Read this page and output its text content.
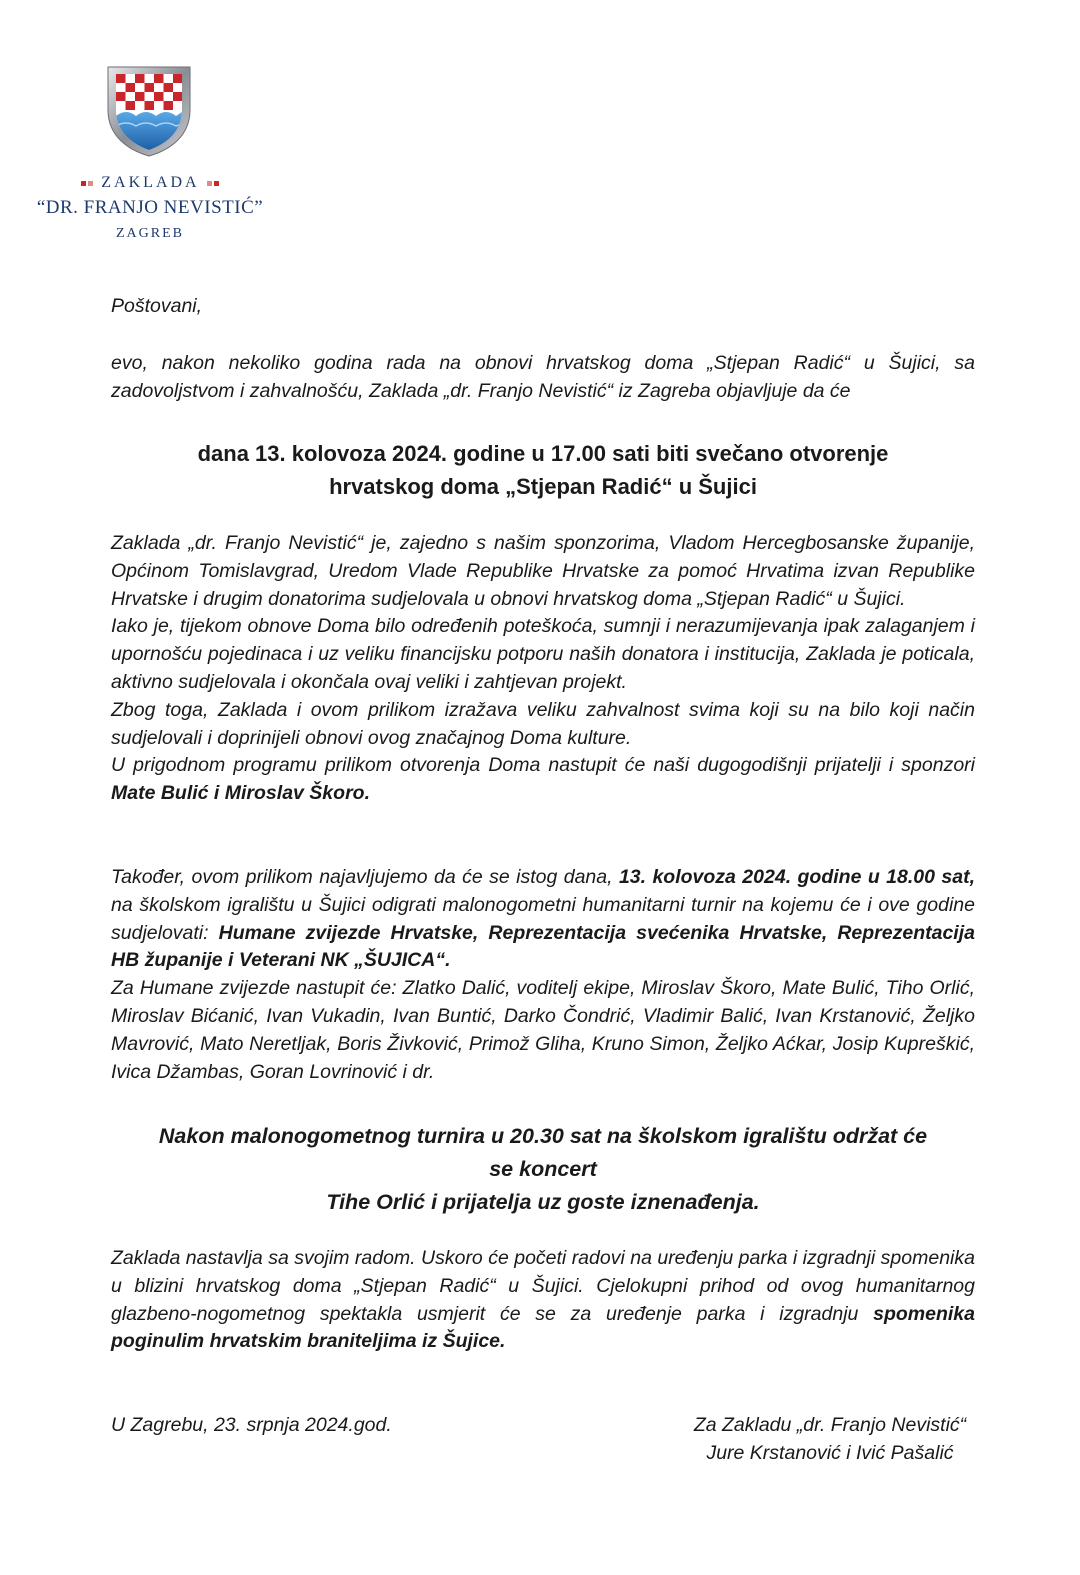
ZAKLADA
“DR. FRANJO NEVISTIĆ”
ZAGREB

Poštovani,

evo, nakon nekoliko godina rada na obnovi hrvatskog doma „Stjepan Radić“ u Šujici, sa zadovoljstvom i zahvalnošću, Zaklada „dr. Franjo Nevistić“ iz Zagreba objavljuje da će

dana 13. kolovoza 2024. godine u 17.00 sati biti svečano otvorenje

hrvatskog doma „Stjepan Radić“ u Šujici

Zaklada „dr. Franjo Nevistić“ je, zajedno s našim sponzorima, Vladom Hercegbosanske županije, Općinom Tomislavgrad, Uredom Vlade Republike Hrvatske za pomoć Hrvatima izvan Republike Hrvatske i drugim donatorima sudjelovala u obnovi hrvatskog doma „Stjepan Radić“ u Šujici.

Iako je, tijekom obnove Doma bilo određenih poteškoća, sumnji i nerazumijevanja ipak zalaganjem i upornošću pojedinaca i uz veliku financijsku potporu naših donatora i institucija, Zaklada je poticala, aktivno sudjelovala i okončala ovaj veliki i zahtjevan projekt.

Zbog toga, Zaklada i ovom prilikom izražava veliku zahvalnost svima koji su na bilo koji način sudjelovali i doprinijeli obnovi ovog značajnog Doma kulture.

U prigodnom programu prilikom otvorenja Doma nastupit će naši dugogodišnji prijatelji i sponzori Mate Bulić i Miroslav Škoro.

Također, ovom prilikom najavljujemo da će se istog dana, 13. kolovoza 2024. godine u 18.00 sat, na školskom igralištu u Šujici odigrati malonogometni humanitarni turnir na kojemu će i ove godine sudjelovati: Humane zvijezde Hrvatske, Reprezentacija svećenika Hrvatske, Reprezentacija HB županije i Veterani NK „ŠUJICA“.

Za Humane zvijezde nastupit će: Zlatko Dalić, voditelj ekipe, Miroslav Škoro, Mate Bulić, Tiho Orlić, Miroslav Bićanić, Ivan Vukadin, Ivan Buntić, Darko Čondrić, Vladimir Balić, Ivan Krstanović, Željko Mavrović, Mato Neretljak, Boris Živković, Primož Gliha, Kruno Simon, Željko Aćkar, Josip Kupreškić, Ivica Džambas, Goran Lovrinović i dr.

Nakon malonogometnog turnira u 20.30 sat na školskom igralištu održat će

se koncert

Tihe Orlić i prijatelja uz goste iznenađenja.

Zaklada nastavlja sa svojim radom. Uskoro će početi radovi na uređenju parka i izgradnji spomenika u blizini hrvatskog doma „Stjepan Radić“ u Šujici. Cjelokupni prihod od ovog humanitarnog glazbeno-nogometnog spektakla usmjerit će se za uređenje parka i izgradnju spomenika poginulim hrvatskim braniteljima iz Šujice.

U Zagrebu, 23. srpnja 2024.god.	Za Zakladu „dr. Franjo Nevistić“
Jure Krstanović i Ivić Pašalić
